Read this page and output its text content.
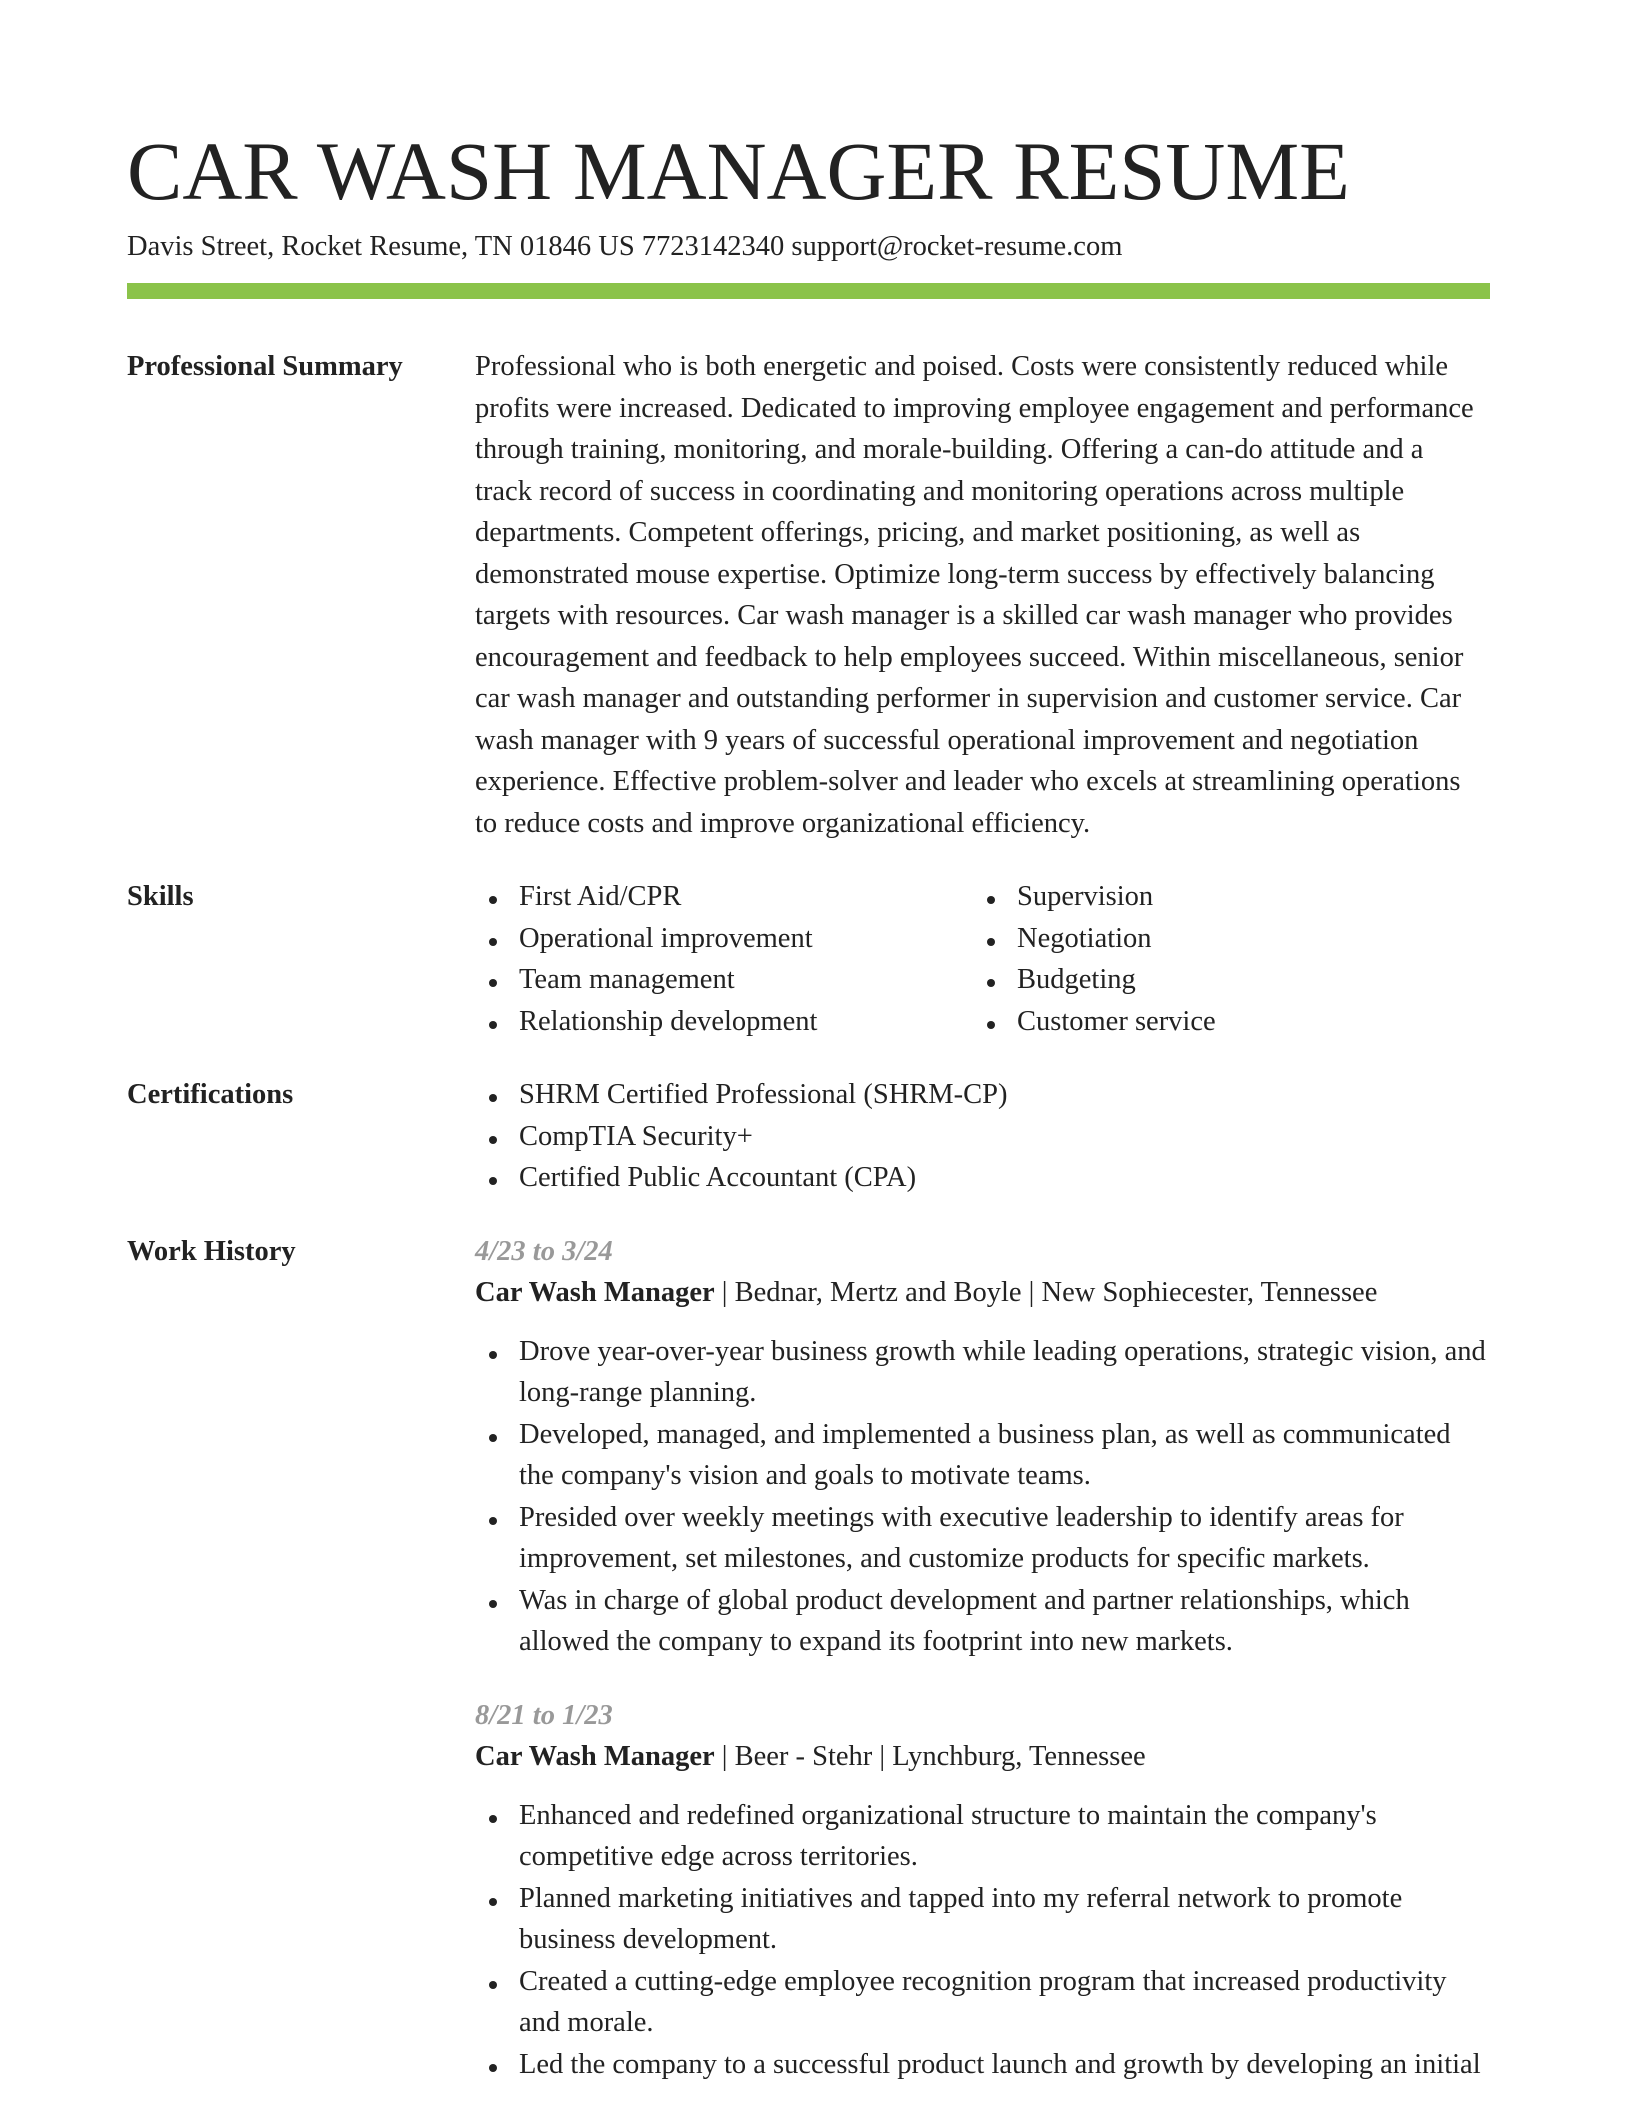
CAR WASH MANAGER RESUME
Davis Street, Rocket Resume, TN 01846 US 7723142340 support@rocket-resume.com
Professional Summary	Professional who is both energetic and poised. Costs were consistently reduced while
profits were increased. Dedicated to improving employee engagement and performance
through training, monitoring, and morale-building. Offering a can-do attitude and a
track record of success in coordinating and monitoring operations across multiple
departments. Competent offerings, pricing, and market positioning, as well as
demonstrated mouse expertise. Optimize long-term success by effectively balancing
targets with resources. Car wash manager is a skilled car wash manager who provides
encouragement and feedback to help employees succeed. Within miscellaneous, senior
car wash manager and outstanding performer in supervision and customer service. Car
wash manager with 9 years of successful operational improvement and negotiation
experience. Effective problem-solver and leader who excels at streamlining operations
to reduce costs and improve organizational efficiency.
Skills	First Aid/CPR
Operational improvement
Team management
Relationship development
Supervision
Negotiation
Budgeting
Customer service
Certifications	SHRM Certified Professional (SHRM-CP)
CompTIA Security+
Certified Public Accountant (CPA)
Work History	4/23 to 3/24
Car Wash Manager | Bednar, Mertz and Boyle | New Sophiecester, Tennessee
Drove year-over-year business growth while leading operations, strategic vision, and
long-range planning.
Developed, managed, and implemented a business plan, as well as communicated
the company's vision and goals to motivate teams.
Presided over weekly meetings with executive leadership to identify areas for
improvement, set milestones, and customize products for specific markets.
Was in charge of global product development and partner relationships, which
allowed the company to expand its footprint into new markets.
8/21 to 1/23
Car Wash Manager | Beer - Stehr | Lynchburg, Tennessee
Enhanced and redefined organizational structure to maintain the company's
competitive edge across territories.
Planned marketing initiatives and tapped into my referral network to promote
business development.
Created a cutting-edge employee recognition program that increased productivity
and morale.
Led the company to a successful product launch and growth by developing an initial
